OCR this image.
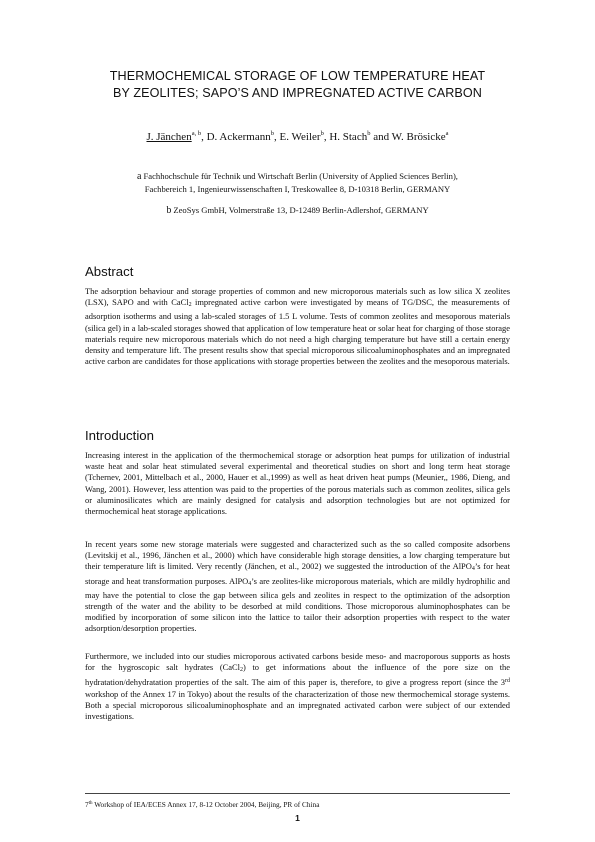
THERMOCHEMICAL STORAGE OF LOW TEMPERATURE HEAT
BY ZEOLITES; SAPO’S AND IMPREGNATED ACTIVE CARBON
J. Jänchen$^{a, b}$, D. Ackermann$^b$, E. Weiler$^b$, H. Stach$^b$ and W. Brösicke$^a$
a Fachhochschule für Technik und Wirtschaft Berlin (University of Applied Sciences Berlin),
Fachbereich 1, Ingenieurwissenschaften I, Treskowallee 8, D-10318 Berlin, GERMANY
b ZeoSys GmbH, Volmerstraße 13, D-12489 Berlin-Adlershof, GERMANY
Abstract
The adsorption behaviour and storage properties of common and new microporous materials such as low silica X zeolites (LSX), SAPO and with CaCl$_2$ impregnated active carbon were investigated by means of TG/DSC, the measurements of adsorption isotherms and using a lab-scaled storages of 1.5 L volume. Tests of common zeolites and mesoporous materials (silica gel) in a lab-scaled storages showed that application of low temperature heat or solar heat for charging of those storage materials require new microporous materials which do not need a high charging temperature but have still a certain energy density and temperature lift. The present results show that special microporous silicoaluminophosphates and an impregnated active carbon are candidates for those applications with storage properties between the zeolites and the mesoporous materials.
Introduction
Increasing interest in the application of the thermochemical storage or adsorption heat pumps for utilization of industrial waste heat and solar heat stimulated several experimental and theoretical studies on short and long term heat storage (Tchernev, 2001, Mittelbach et al., 2000, Hauer et al.,1999) as well as heat driven heat pumps (Meunier,, 1986, Dieng, and Wang, 2001). However, less attention was paid to the properties of the porous materials such as common zeolites, silica gels or aluminosilicates which are mainly designed for catalysis and adsorption technologies but are not optimized for thermochemical heat storage applications.
In recent years some new storage materials were suggested and characterized such as the so called composite adsorbens (Levitskij et al., 1996, Jänchen et al., 2000) which have considerable high storage densities, a low charging temperature but their temperature lift is limited. Very recently (Jänchen, et al., 2002) we suggested the introduction of the AlPO$_4$’s for heat storage and heat transformation purposes. AlPO$_4$’s are zeolites-like microporous materials, which are mildly hydrophilic and may have the potential to close the gap between silica gels and zeolites in respect to the optimization of the adsorption strength of the water and the ability to be desorbed at mild conditions. Those microporous aluminophosphates can be modified by incorporation of some silicon into the lattice to tailor their adsorption properties with respect to the water adsorption/desorption properties.
Furthermore, we included into our studies microporous activated carbons beside meso- and macroporous supports as hosts for the hygroscopic salt hydrates (CaCl$_2$) to get informations about the influence of the pore size on the hydratation/dehydratation properties of the salt. The aim of this paper is, therefore, to give a progress report (since the 3rd workshop of the Annex 17 in Tokyo) about the results of the characterization of those new thermochemical storage systems. Both a special microporous silicoaluminophosphate and an impregnated activated carbon were subject of our extended investigations.
7th Workshop of IEA/ECES Annex 17, 8-12 October 2004, Beijing, PR of China
1
